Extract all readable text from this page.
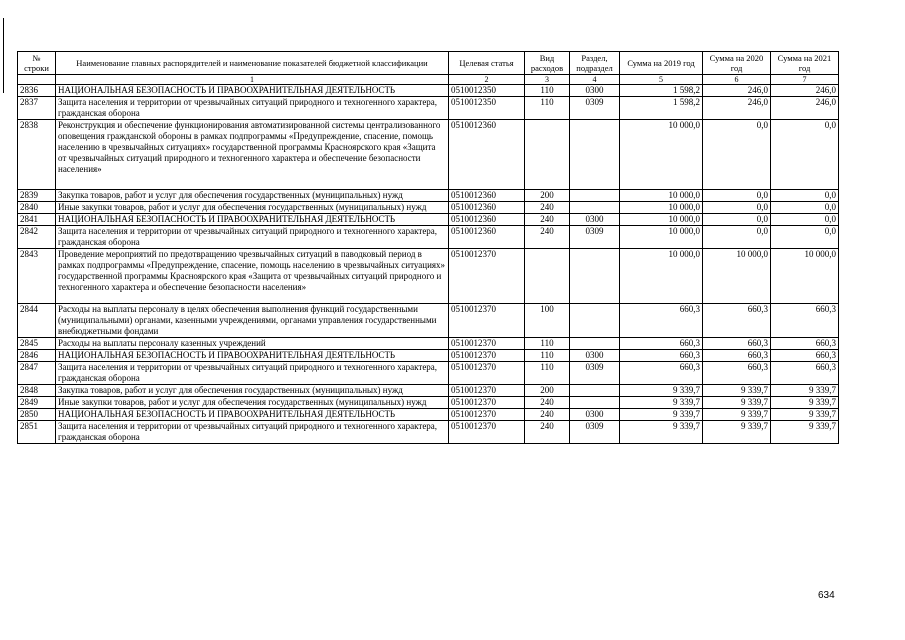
№ строки	Наименование главных распорядителей и наименование показателей бюджетной классификации	Целевая статья	Вид расходов	Раздел, подраздел	Сумма на 2019 год	Сумма на 2020 год	Сумма на 2021 год
	1	2	3	4	5	6	7
2836	НАЦИОНАЛЬНАЯ БЕЗОПАСНОСТЬ И ПРАВООХРАНИТЕЛЬНАЯ ДЕЯТЕЛЬНОСТЬ	0510012350	110	0300	1 598,2	246,0	246,0
2837	Защита населения и территории от чрезвычайных ситуаций природного и техногенного характера, гражданская оборона	0510012350	110	0309	1 598,2	246,0	246,0
2838	Реконструкция и обеспечение функционирования автоматизированной системы централизованного оповещения гражданской обороны в рамках подпрограммы «Предупреждение, спасение, помощь населению в чрезвычайных ситуациях» государственной программы Красноярского края «Защита от чрезвычайных ситуаций природного и техногенного характера и обеспечение безопасности населения»	0510012360			10 000,0	0,0	0,0
2839	Закупка товаров, работ и услуг для обеспечения государственных (муниципальных) нужд	0510012360	200		10 000,0	0,0	0,0
2840	Иные закупки товаров, работ и услуг для обеспечения государственных (муниципальных) нужд	0510012360	240		10 000,0	0,0	0,0
2841	НАЦИОНАЛЬНАЯ БЕЗОПАСНОСТЬ И ПРАВООХРАНИТЕЛЬНАЯ ДЕЯТЕЛЬНОСТЬ	0510012360	240	0300	10 000,0	0,0	0,0
2842	Защита населения и территории от чрезвычайных ситуаций природного и техногенного характера, гражданская оборона	0510012360	240	0309	10 000,0	0,0	0,0
2843	Проведение мероприятий по предотвращению чрезвычайных ситуаций в паводковый период в рамках подпрограммы «Предупреждение, спасение, помощь населению в чрезвычайных ситуациях» государственной программы Красноярского края «Защита от чрезвычайных ситуаций природного и техногенного характера и обеспечение безопасности населения»	0510012370			10 000,0	10 000,0	10 000,0
2844	Расходы на выплаты персоналу в целях обеспечения выполнения функций государственными (муниципальными) органами, казенными учреждениями, органами управления государственными внебюджетными фондами	0510012370	100		660,3	660,3	660,3
2845	Расходы на выплаты персоналу казенных учреждений	0510012370	110		660,3	660,3	660,3
2846	НАЦИОНАЛЬНАЯ БЕЗОПАСНОСТЬ И ПРАВООХРАНИТЕЛЬНАЯ ДЕЯТЕЛЬНОСТЬ	0510012370	110	0300	660,3	660,3	660,3
2847	Защита населения и территории от чрезвычайных ситуаций природного и техногенного характера, гражданская оборона	0510012370	110	0309	660,3	660,3	660,3
2848	Закупка товаров, работ и услуг для обеспечения государственных (муниципальных) нужд	0510012370	200		9 339,7	9 339,7	9 339,7
2849	Иные закупки товаров, работ и услуг для обеспечения государственных (муниципальных) нужд	0510012370	240		9 339,7	9 339,7	9 339,7
2850	НАЦИОНАЛЬНАЯ БЕЗОПАСНОСТЬ И ПРАВООХРАНИТЕЛЬНАЯ ДЕЯТЕЛЬНОСТЬ	0510012370	240	0300	9 339,7	9 339,7	9 339,7
2851	Защита населения и территории от чрезвычайных ситуаций природного и техногенного характера, гражданская оборона	0510012370	240	0309	9 339,7	9 339,7	9 339,7
634
